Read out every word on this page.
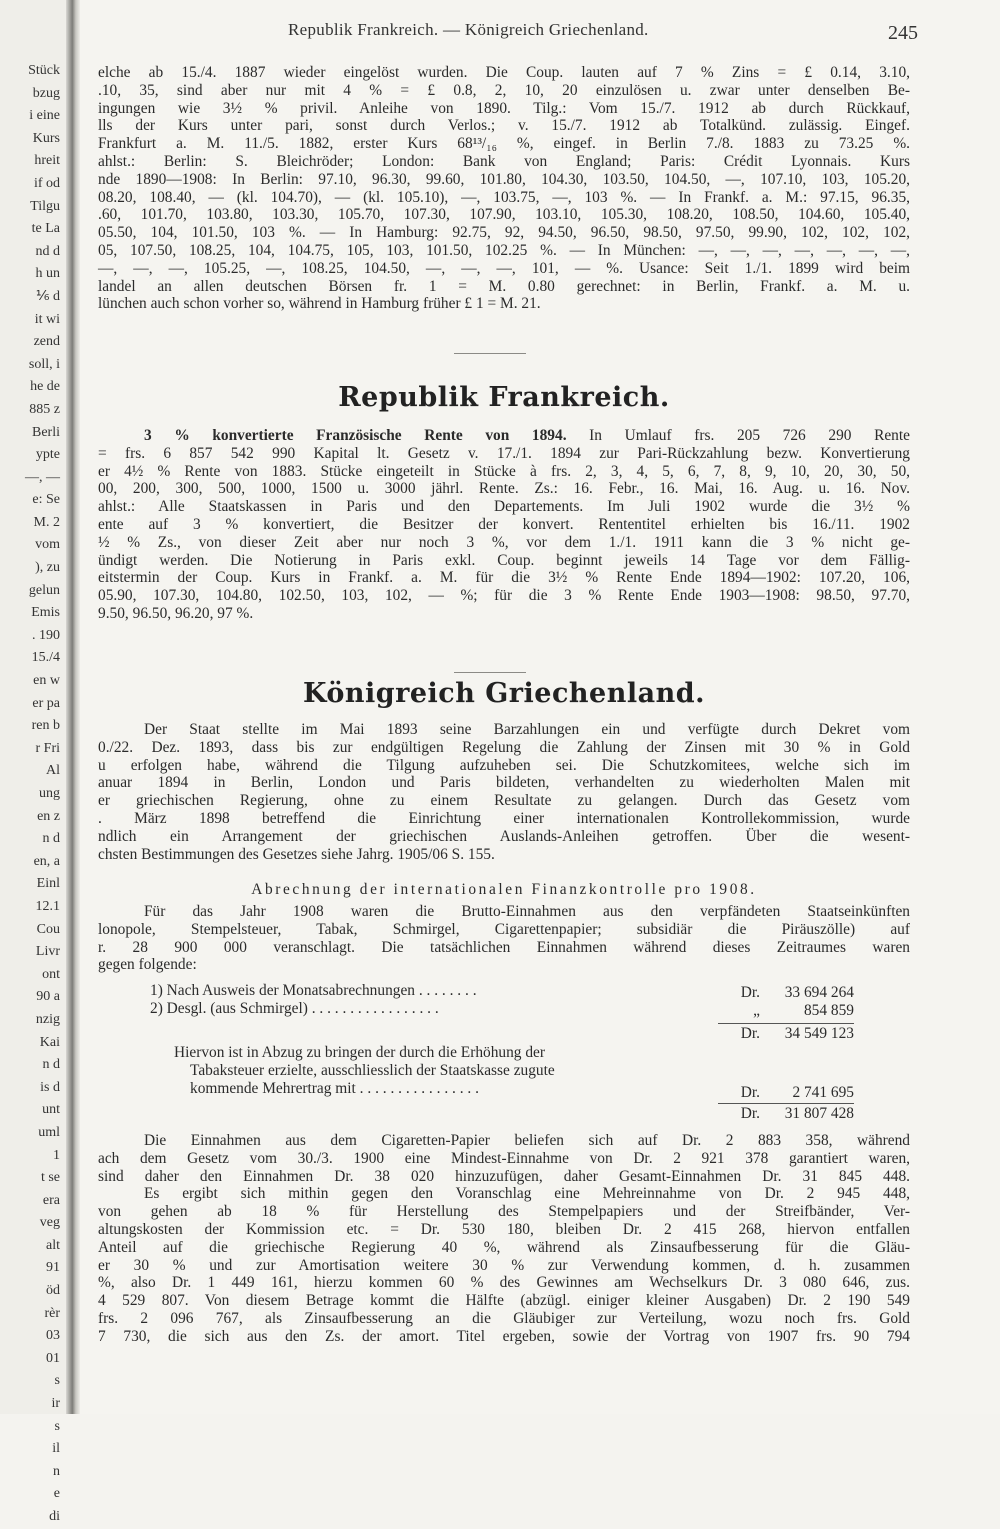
Stück
bzug
i eine
Kurs
hreit
if od
Tilgu
te La
nd d
h un
⅙ d
it wi
zend
soll, i
he de
885 z
Berli
ypte
—, —
e: Se
M. 2
vom
), zu
gelun
Emis
. 190
15./4
en w
er pa
ren b
r Fri
Al
ung
en z
n d
en, a
Einl
12.1
Cou
Livr
ont
90 a
nzig
Kai
n d
is d
unt
uml
1
t se
era
veg
alt
91
öd
rèr
03
01
s
ir
s
il
n
e
di
Republik Frankreich. — Königreich Griechenland.	245
elche ab 15./4. 1887 wieder eingelöst wurden. Die Coup. lauten auf 7 % Zins = £ 0.14, 3.10,
.10, 35, sind aber nur mit 4 % = £ 0.8, 2, 10, 20 einzulösen u. zwar unter denselben Be-
ingungen wie 3½ % privil. Anleihe von 1890. Tilg.: Vom 15./7. 1912 ab durch Rückkauf,
lls der Kurs unter pari, sonst durch Verlos.; v. 15./7. 1912 ab Totalkünd. zulässig. Eingef.
Frankfurt a. M. 11./5. 1882, erster Kurs 68¹³/₁₆ %, eingef. in Berlin 7./8. 1883 zu 73.25 %.
ahlst.: Berlin: S. Bleichröder; London: Bank von England; Paris: Crédit Lyonnais. Kurs
nde 1890—1908: In Berlin: 97.10, 96.30, 99.60, 101.80, 104.30, 103.50, 104.50, —, 107.10, 103, 105.20,
08.20, 108.40, — (kl. 104.70), — (kl. 105.10), —, 103.75, —, 103 %. — In Frankf. a. M.: 97.15, 96.35,
.60, 101.70, 103.80, 103.30, 105.70, 107.30, 107.90, 103.10, 105.30, 108.20, 108.50, 104.60, 105.40,
05.50, 104, 101.50, 103 %. — In Hamburg: 92.75, 92, 94.50, 96.50, 98.50, 97.50, 99.90, 102, 102, 102,
05, 107.50, 108.25, 104, 104.75, 105, 103, 101.50, 102.25 %. — In München: —, —, —, —, —, —, —,
—, —, —, 105.25, —, 108.25, 104.50, —, —, —, 101, — %. Usance: Seit 1./1. 1899 wird beim
landel an allen deutschen Börsen fr. 1 = M. 0.80 gerechnet: in Berlin, Frankf. a. M. u.
lünchen auch schon vorher so, während in Hamburg früher £ 1 = M. 21.
Republik Frankreich.
3 % konvertierte Französische Rente von 1894. In Umlauf frs. 205 726 290 Rente
= frs. 6 857 542 990 Kapital lt. Gesetz v. 17./1. 1894 zur Pari-Rückzahlung bezw. Konvertierung
er 4½ % Rente von 1883. Stücke eingeteilt in Stücke à frs. 2, 3, 4, 5, 6, 7, 8, 9, 10, 20, 30, 50,
00, 200, 300, 500, 1000, 1500 u. 3000 jährl. Rente. Zs.: 16. Febr., 16. Mai, 16. Aug. u. 16. Nov.
ahlst.: Alle Staatskassen in Paris und den Departements. Im Juli 1902 wurde die 3½ %
ente auf 3 % konvertiert, die Besitzer der konvert. Rententitel erhielten bis 16./11. 1902
½ % Zs., von dieser Zeit aber nur noch 3 %, vor dem 1./1. 1911 kann die 3 % nicht ge-
ündigt werden. Die Notierung in Paris exkl. Coup. beginnt jeweils 14 Tage vor dem Fällig-
eitstermin der Coup. Kurs in Frankf. a. M. für die 3½ % Rente Ende 1894—1902: 107.20, 106,
05.90, 107.30, 104.80, 102.50, 103, 102, — %; für die 3 % Rente Ende 1903—1908: 98.50, 97.70,
9.50, 96.50, 96.20, 97 %.
Königreich Griechenland.
Der Staat stellte im Mai 1893 seine Barzahlungen ein und verfügte durch Dekret vom
0./22. Dez. 1893, dass bis zur endgültigen Regelung die Zahlung der Zinsen mit 30 % in Gold
u erfolgen habe, während die Tilgung aufzuheben sei. Die Schutzkomitees, welche sich im
anuar 1894 in Berlin, London und Paris bildeten, verhandelten zu wiederholten Malen mit
er griechischen Regierung, ohne zu einem Resultate zu gelangen. Durch das Gesetz vom
. März 1898 betreffend die Einrichtung einer internationalen Kontrollekommission, wurde
ndlich ein Arrangement der griechischen Auslands-Anleihen getroffen. Über die wesent-
chsten Bestimmungen des Gesetzes siehe Jahrg. 1905/06 S. 155.
Abrechnung der internationalen Finanzkontrolle pro 1908.
Für das Jahr 1908 waren die Brutto-Einnahmen aus den verpfändeten Staatseinkünften
lonopole, Stempelsteuer, Tabak, Schmirgel, Cigarettenpapier; subsidiär die Piräuszölle) auf
r. 28 900 000 veranschlagt. Die tatsächlichen Einnahmen während dieses Zeitraumes waren
gegen folgende:
1) Nach Ausweis der Monatsabrechnungen . . . . . . . .	Dr.	33 694 264
2) Desgl. (aus Schmirgel) . . . . . . . . . . . . . . . . .	„	854 859
Dr.	34 549 123
Hiervon ist in Abzug zu bringen der durch die Erhöhung der
Tabaksteuer erzielte, ausschliesslich der Staatskasse zugute
kommende Mehrertrag mit . . . . . . . . . . . . . . . .	Dr.	2 741 695
Dr.	31 807 428
Die Einnahmen aus dem Cigaretten-Papier beliefen sich auf Dr. 2 883 358, während
ach dem Gesetz vom 30./3. 1900 eine Mindest-Einnahme von Dr. 2 921 378 garantiert waren,
sind daher den Einnahmen Dr. 38 020 hinzuzufügen, daher Gesamt-Einnahmen Dr. 31 845 448.
Es ergibt sich mithin gegen den Voranschlag eine Mehreinnahme von Dr. 2 945 448,
von gehen ab 18 % für Herstellung des Stempelpapiers und der Streifbänder, Ver-
altungskosten der Kommission etc. = Dr. 530 180, bleiben Dr. 2 415 268, hiervon entfallen
Anteil auf die griechische Regierung 40 %, während als Zinsaufbesserung für die Gläu-
er 30 % und zur Amortisation weitere 30 % zur Verwendung kommen, d. h. zusammen
%, also Dr. 1 449 161, hierzu kommen 60 % des Gewinnes am Wechselkurs Dr. 3 080 646, zus.
4 529 807. Von diesem Betrage kommt die Hälfte (abzügl. einiger kleiner Ausgaben) Dr. 2 190 549
frs. 2 096 767, als Zinsaufbesserung an die Gläubiger zur Verteilung, wozu noch frs. Gold
7 730, die sich aus den Zs. der amort. Titel ergeben, sowie der Vortrag von 1907 frs. 90 794
